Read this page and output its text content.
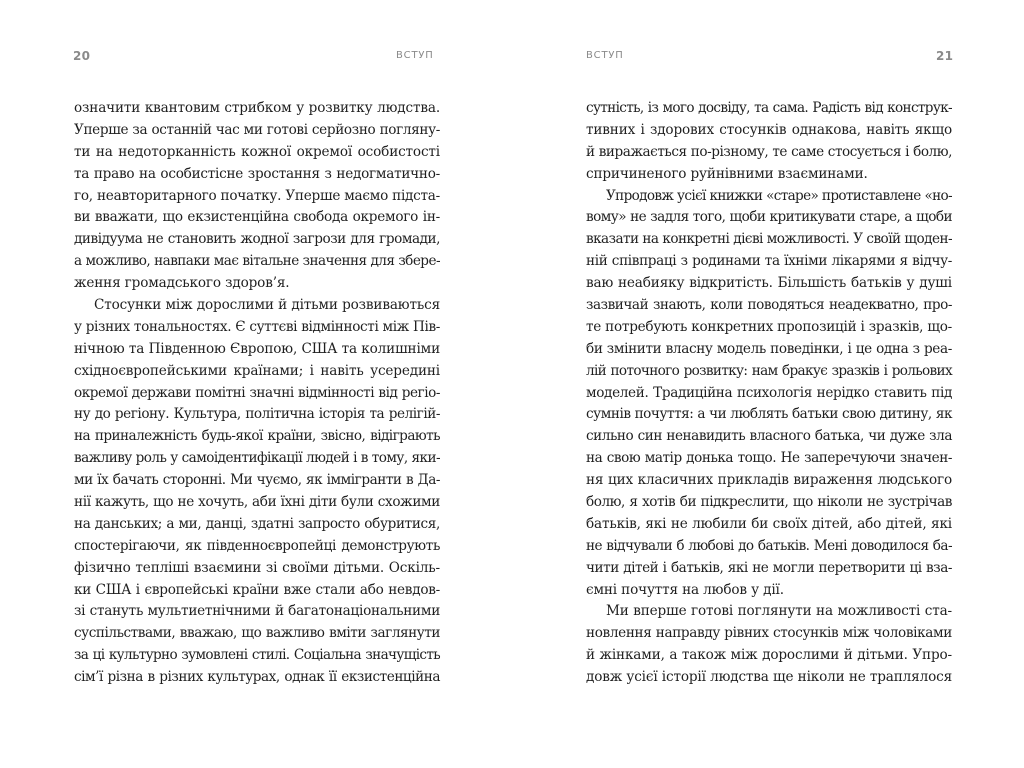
20	ВСТУП
означити квантовим стрибком у розвитку людства.
Уперше за останній час ми готові серйозно погляну-
ти на недоторканність кожної окремої особистості
та право на особистісне зростання з недогматично-
го, неавторитарного початку. Уперше маємо підста-
ви вважати, що екзистенційна свобода окремого ін-
дивідуума не становить жодної загрози для громади,
а можливо, навпаки має вітальне значення для збере-
ження громадського здоров’я.
Стосунки між дорослими й дітьми розвиваються
у різних тональностях. Є суттєві відмінності між Пів-
нічною та Південною Європою, США та колишніми
східноєвропейськими країнами; і навіть усередині
окремої держави помітні значні відмінності від регіо-
ну до регіону. Культура, політична історія та релігій-
на приналежність будь-якої країни, звісно, відіграють
важливу роль у самоідентифікації людей і в тому, яки-
ми їх бачать сторонні. Ми чуємо, як іммігранти в Да-
нії кажуть, що не хочуть, аби їхні діти були схожими
на данських; а ми, данці, здатні запросто обуритися,
спостерігаючи, як південноєвропейці демонструють
фізично тепліші взаємини зі своїми дітьми. Оскіль-
ки США і європейські країни вже стали або невдов-
зі стануть мультиетнічними й багатонаціональними
суспільствами, вважаю, що важливо вміти заглянути
за ці культурно зумовлені стилі. Соціальна значущість
сім’ї різна в різних культурах, однак її екзистенційна
ВСТУП	21
сутність, із мого досвіду, та сама. Радість від конструк-
тивних і здорових стосунків однакова, навіть якщо
й виражається по-різному, те саме стосується і болю,
спричиненого руйнівними взаєминами.
Упродовж усієї книжки «старе» протиставлене «но-
вому» не задля того, щоби критикувати старе, а щоби
вказати на конкретні дієві можливості. У своїй щоден-
ній співпраці з родинами та їхніми лікарями я відчу-
ваю неабияку відкритість. Більшість батьків у душі
зазвичай знають, коли поводяться неадекватно, про-
те потребують конкретних пропозицій і зразків, що-
би змінити власну модель поведінки, і це одна з реа-
лій поточного розвитку: нам бракує зразків і рольових
моделей. Традиційна психологія нерідко ставить під
сумнів почуття: а чи люблять батьки свою дитину, як
сильно син ненавидить власного батька, чи дуже зла
на свою матір донька тощо. Не заперечуючи значен-
ня цих класичних прикладів вираження людського
болю, я хотів би підкреслити, що ніколи не зустрічав
батьків, які не любили би своїх дітей, або дітей, які
не відчували б любові до батьків. Мені доводилося ба-
чити дітей і батьків, які не могли перетворити ці вза-
ємні почуття на любов у дії.
Ми вперше готові поглянути на можливості ста-
новлення направду рівних стосунків між чоловіками
й жінками, а також між дорослими й дітьми. Упро-
довж усієї історії людства ще ніколи не траплялося
